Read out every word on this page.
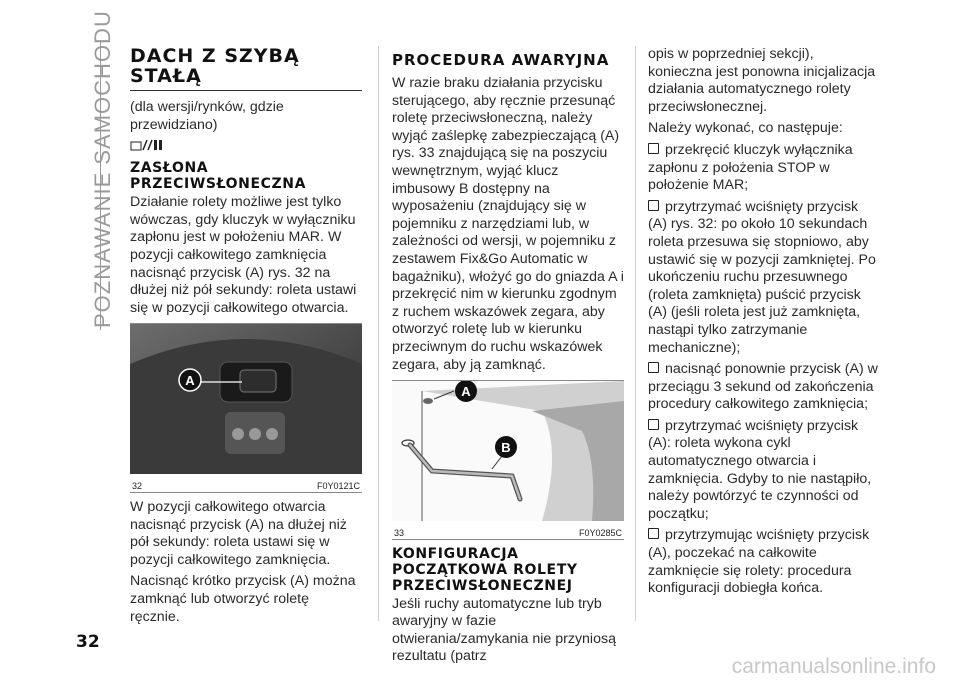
POZNAWANIE SAMOCHODU DACH Z SZYBĄ
STAŁĄ

(dla wersji/rynków, gdzie przewidziano)

ZASŁONA
PRZECIWSŁONECZNA

Działanie rolety możliwe jest tylko wówczas, gdy kluczyk w wyłączniku zapłonu jest w położeniu MAR. W pozycji całkowitego zamknięcia nacisnąć przycisk (A) rys. 32 na dłużej niż pół sekundy: roleta ustawi się w pozycji całkowitego otwarcia.

A
32	F0Y0121C

W pozycji całkowitego otwarcia nacisnąć przycisk (A) na dłużej niż pół sekundy: roleta ustawi się w pozycji całkowitego zamknięcia.

Nacisnąć krótko przycisk (A) można zamknąć lub otworzyć roletę ręcznie.

PROCEDURA AWARYJNA

W razie braku działania przycisku sterującego, aby ręcznie przesunąć roletę przeciwsłoneczną, należy wyjąć zaślepkę zabezpieczającą (A) rys. 33 znajdującą się na poszyciu wewnętrznym, wyjąć klucz imbusowy B dostępny na wyposażeniu (znajdujący się w pojemniku z narzędziami lub, w zależności od wersji, w pojemniku z zestawem Fix&Go Automatic w bagażniku), włożyć go do gniazda A i przekręcić nim w kierunku zgodnym z ruchem wskazówek zegara, aby otworzyć roletę lub w kierunku przeciwnym do ruchu wskazówek zegara, aby ją zamknąć.

A
B
33	F0Y0285C
KONFIGURACJA
POCZĄTKOWA ROLETY
PRZECIWSŁONECZNEJ

Jeśli ruchy automatyczne lub tryb awaryjny w fazie otwierania/zamykania nie przyniosą rezultatu (patrz

opis w poprzedniej sekcji), konieczna jest ponowna inicjalizacja działania automatycznego rolety przeciwsłonecznej.

Należy wykonać, co następuje:

przekręcić kluczyk wyłącznika zapłonu z położenia STOP w położenie MAR;

przytrzymać wciśnięty przycisk (A) rys. 32: po około 10 sekundach roleta przesuwa się stopniowo, aby ustawić się w pozycji zamkniętej. Po ukończeniu ruchu przesuwnego (roleta zamknięta) puścić przycisk (A) (jeśli roleta jest już zamknięta, nastąpi tylko zatrzymanie mechaniczne);

nacisnąć ponownie przycisk (A) w przeciągu 3 sekund od zakończenia procedury całkowitego zamknięcia;

przytrzymać wciśnięty przycisk (A): roleta wykona cykl automatycznego otwarcia i zamknięcia. Gdyby to nie nastąpiło, należy powtórzyć te czynności od początku;

przytrzymując wciśnięty przycisk (A), poczekać na całkowite zamknięcie się rolety: procedura konfiguracji dobiegła końca.

32
carmanualsonline.info
